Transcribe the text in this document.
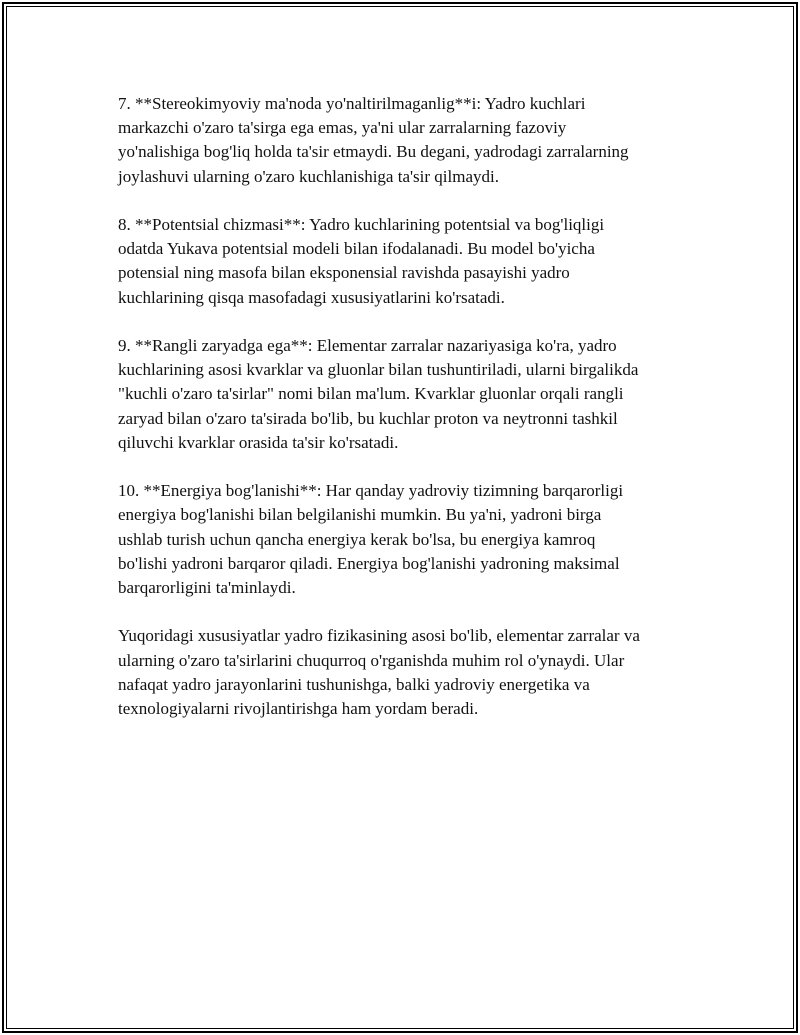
7. **Stereokimyoviy ma'noda yo'naltirilmaganlig**i: Yadro kuchlari
markazchi o'zaro ta'sirga ega emas, ya'ni ular zarralarning fazoviy
yo'nalishiga bog'liq holda ta'sir etmaydi. Bu degani, yadrodagi zarralarning
joylashuvi ularning o'zaro kuchlanishiga ta'sir qilmaydi.

8. **Potentsial chizmasi**: Yadro kuchlarining potentsial va bog'liqligi
odatda Yukava potentsial modeli bilan ifodalanadi. Bu model bo'yicha
potensial ning masofa bilan eksponensial ravishda pasayishi yadro
kuchlarining qisqa masofadagi xususiyatlarini ko'rsatadi.

9. **Rangli zaryadga ega**: Elementar zarralar nazariyasiga ko'ra, yadro
kuchlarining asosi kvarklar va gluonlar bilan tushuntiriladi, ularni birgalikda
"kuchli o'zaro ta'sirlar" nomi bilan ma'lum. Kvarklar gluonlar orqali rangli
zaryad bilan o'zaro ta'sirada bo'lib, bu kuchlar proton va neytronni tashkil
qiluvchi kvarklar orasida ta'sir ko'rsatadi.

10. **Energiya bog'lanishi**: Har qanday yadroviy tizimning barqarorligi
energiya bog'lanishi bilan belgilanishi mumkin. Bu ya'ni, yadroni birga
ushlab turish uchun qancha energiya kerak bo'lsa, bu energiya kamroq
bo'lishi yadroni barqaror qiladi. Energiya bog'lanishi yadroning maksimal
barqarorligini ta'minlaydi.

Yuqoridagi xususiyatlar yadro fizikasining asosi bo'lib, elementar zarralar va
ularning o'zaro ta'sirlarini chuqurroq o'rganishda muhim rol o'ynaydi. Ular
nafaqat yadro jarayonlarini tushunishga, balki yadroviy energetika va
texnologiyalarni rivojlantirishga ham yordam beradi.
